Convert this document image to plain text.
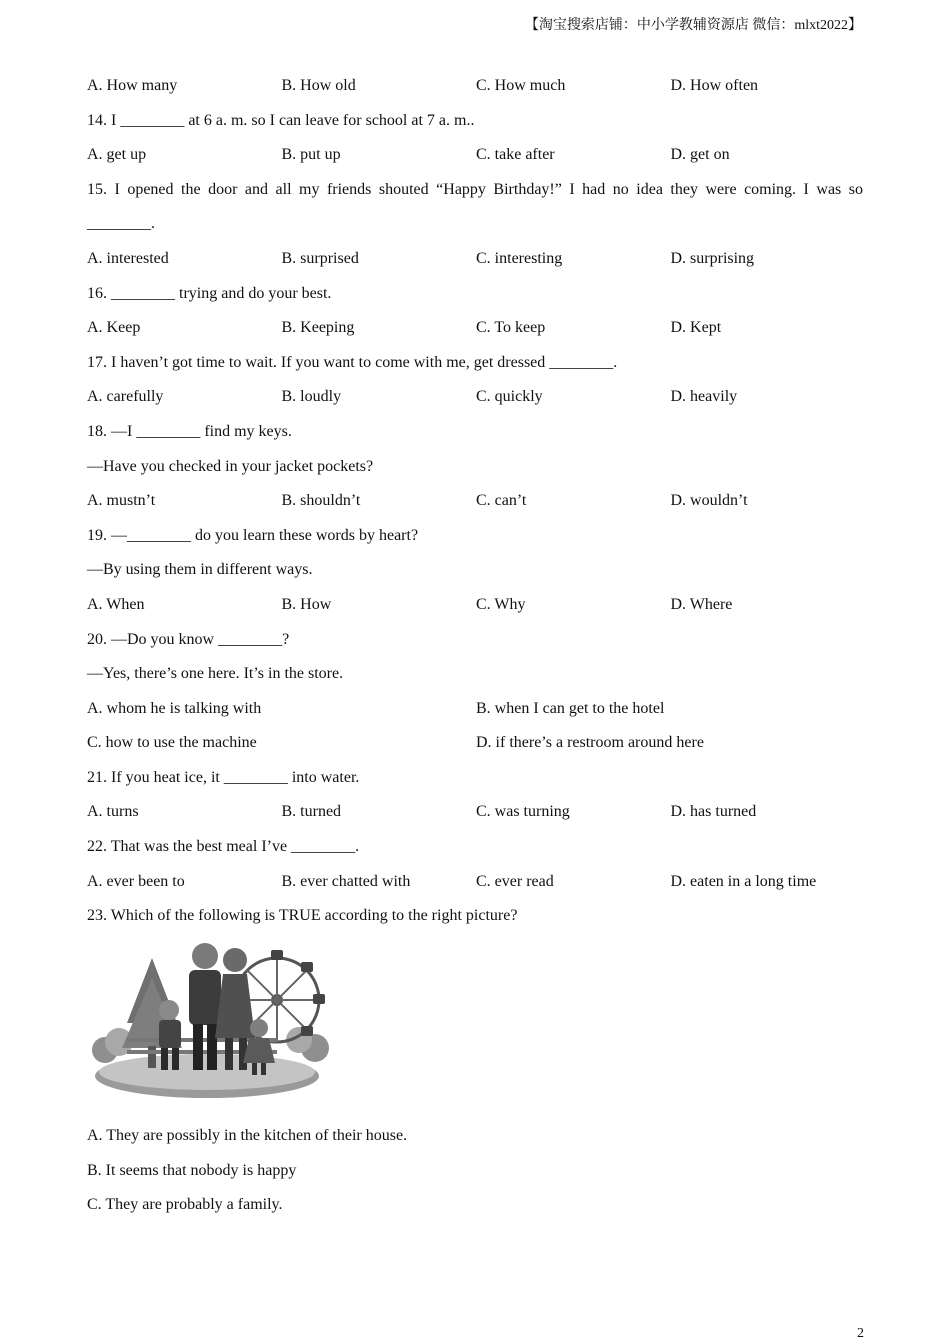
【淘宝搜索店铺：中小学教辅资源店 微信：mlxt2022】
A. How many	B. How old	C. How much	D. How often
14. I ________ at 6 a. m. so I can leave for school at 7 a. m..
A. get up	B. put up	C. take after	D. get on
15. I opened the door and all my friends shouted “Happy Birthday!” I had no idea they were coming. I was so
________.
A. interested	B. surprised	C. interesting	D. surprising
16. ________ trying and do your best.
A. Keep	B. Keeping	C. To keep	D. Kept
17. I haven’t got time to wait. If you want to come with me, get dressed ________.
A. carefully	B. loudly	C. quickly	D. heavily
18. —I ________ find my keys.
—Have you checked in your jacket pockets?
A. mustn’t	B. shouldn’t	C. can’t	D. wouldn’t
19. —________ do you learn these words by heart?
—By using them in different ways.
A. When	B. How	C. Why	D. Where
20. —Do you know ________?
—Yes, there’s one here. It’s in the store.
A. whom he is talking with	B. when I can get to the hotel
C. how to use the machine	D. if there’s a restroom around here
21. If you heat ice, it ________ into water.
A. turns	B. turned	C. was turning	D. has turned
22. That was the best meal I’ve ________.
A. ever been to	B. ever chatted with	C. ever read	D. eaten in a long time
23. Which of the following is TRUE according to the right picture?
A. They are possibly in the kitchen of their house.
B. It seems that nobody is happy
C. They are probably a family.
2
